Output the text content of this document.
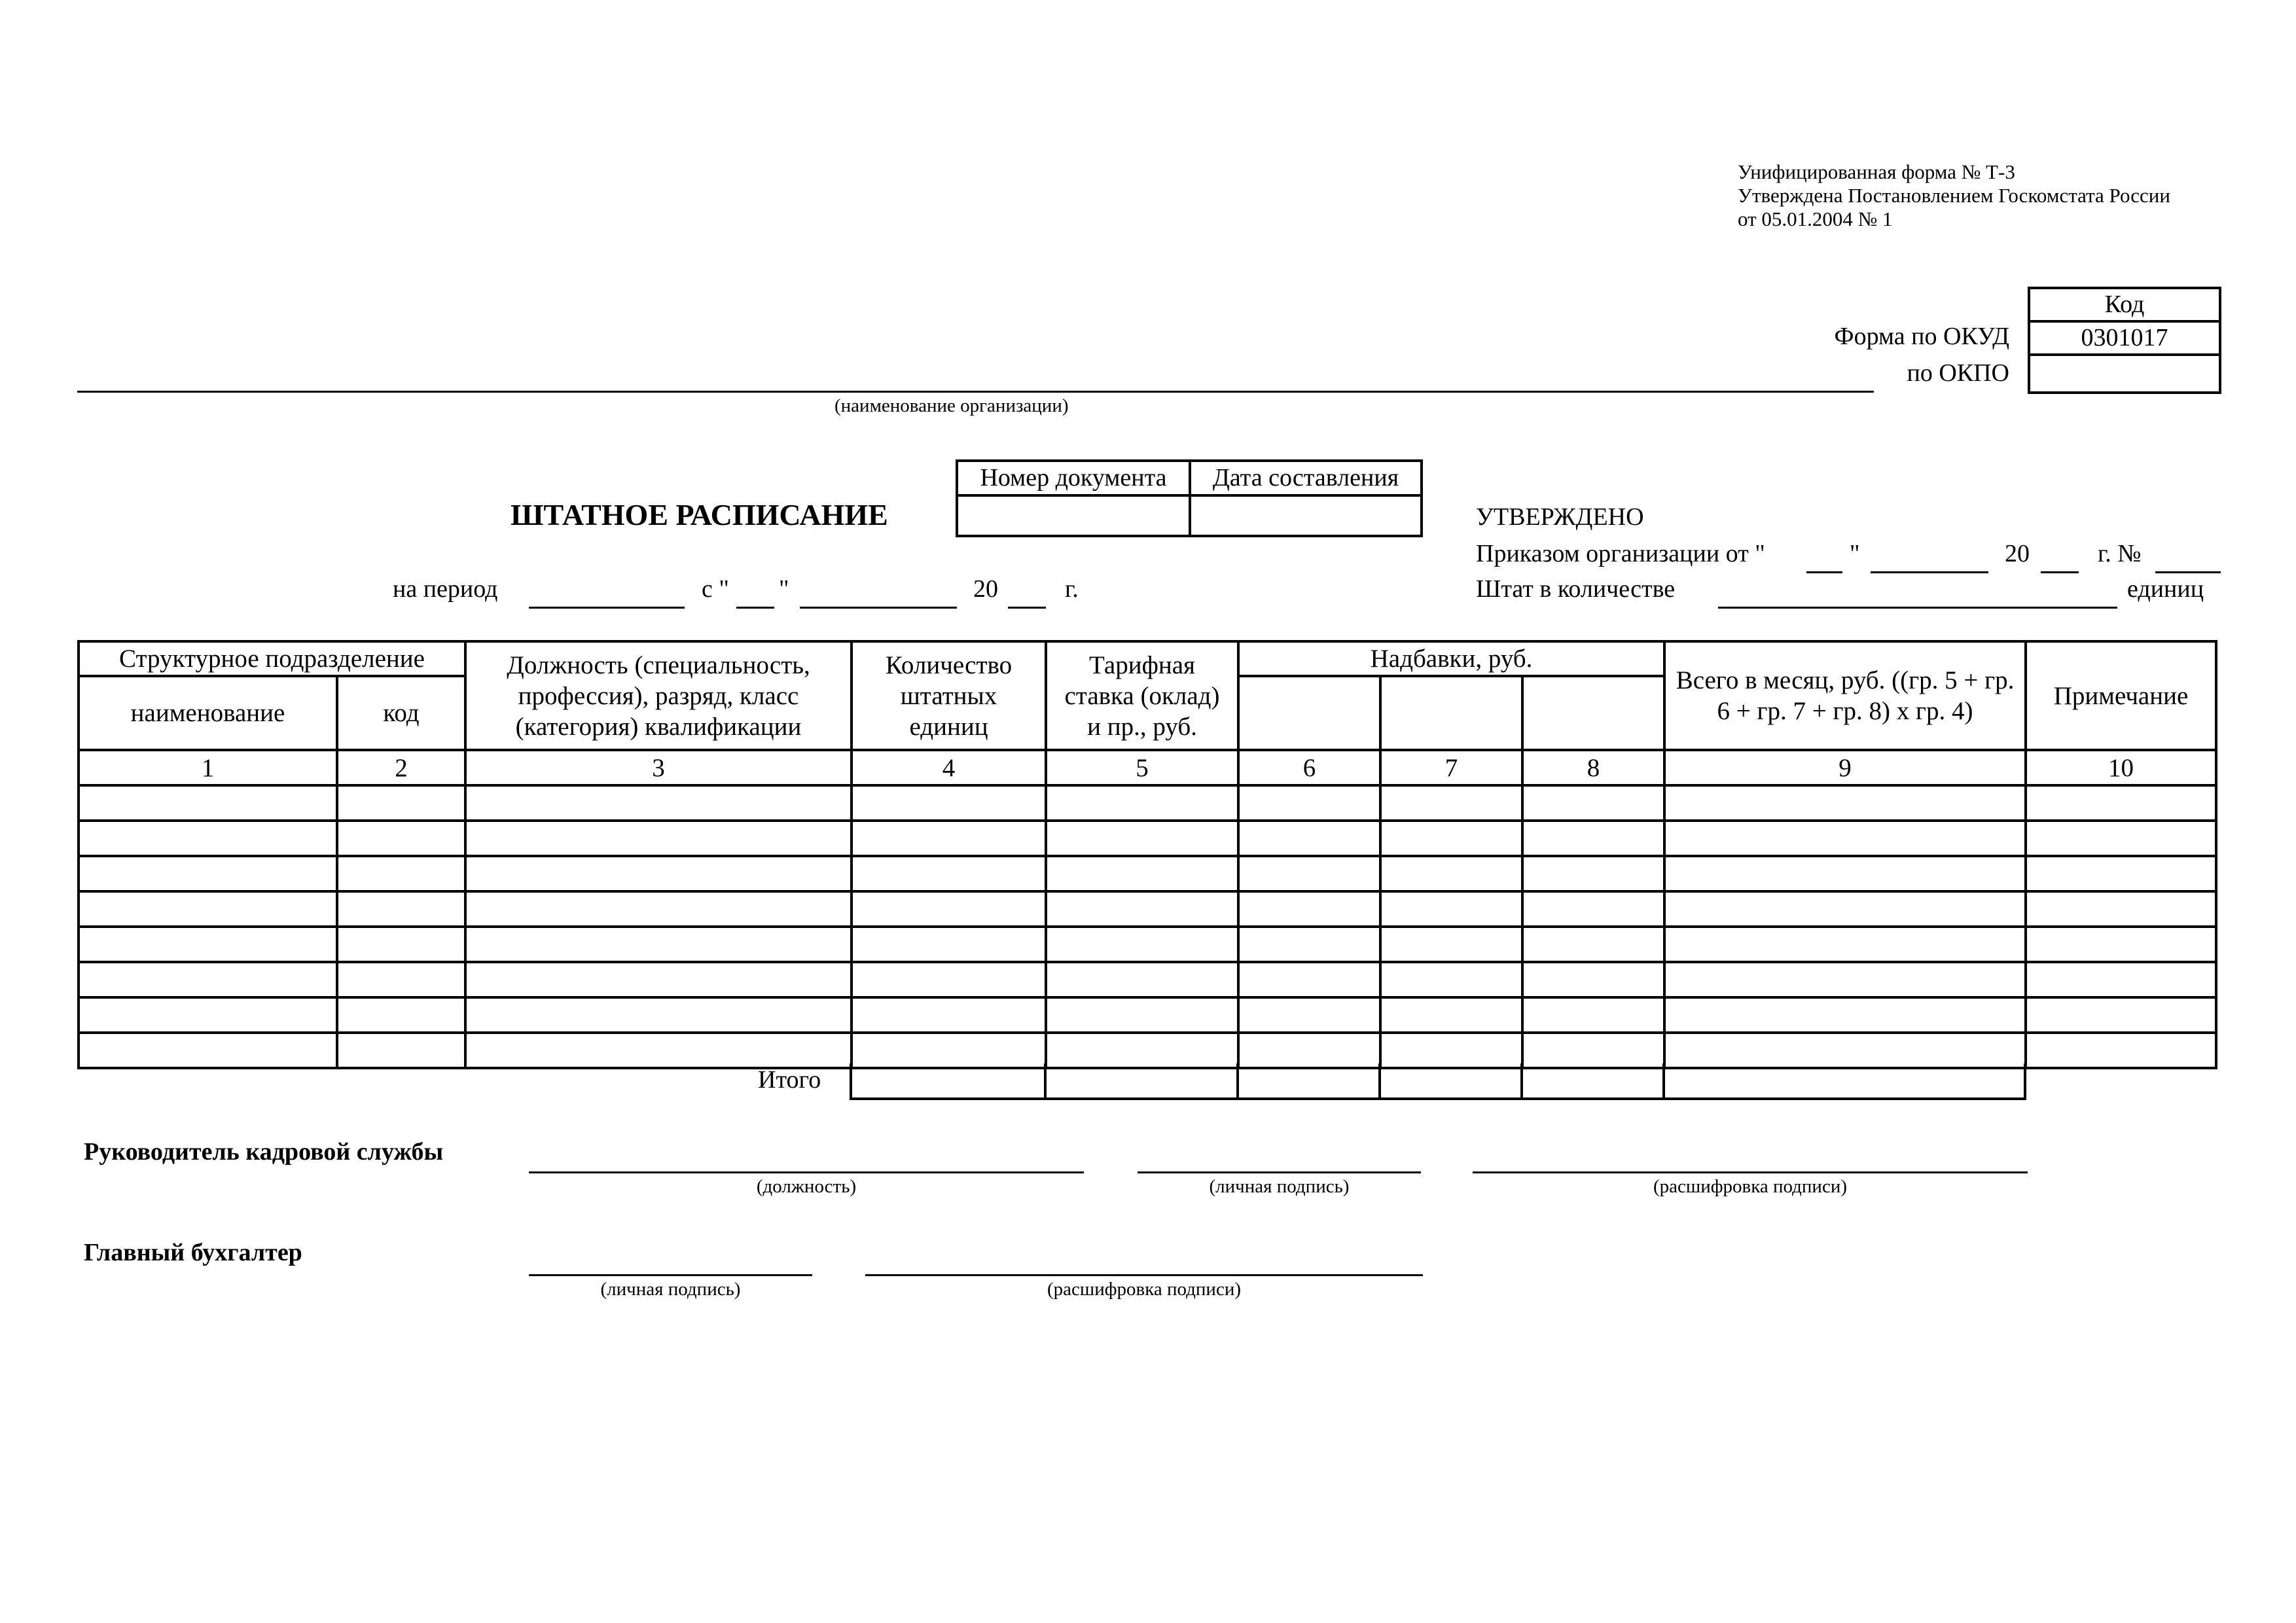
Унифицированная форма № Т-3
Утверждена Постановлением Госкомстата России
от 05.01.2004 № 1
Код
0301017
Форма по ОКУД
по ОКПО
(наименование организации)
ШТАТНОЕ РАСПИСАНИЕ
Номер документа	Дата составления
на период	с " "	20	г.
УТВЕРЖДЕНО
Приказом организации от "	"	20	г. №
Штат в количестве	единиц
Структурное подразделение		Должность (специальность, профессия), разряд, класс (категория) квалификации	Количество штатных единиц	Тарифная ставка (оклад) и пр., руб.	Надбавки, руб.			Всего в месяц, руб. ((гр. 5 + гр. 6 + гр. 7 + гр. 8) х гр. 4)	Примечание
наименование	код								
1	2	3	4	5	6	7	8	9	10

Итого

Руководитель кадровой службы
(должность)	(личная подпись)	(расшифровка подписи)
Главный бухгалтер
(личная подпись)	(расшифровка подписи)
